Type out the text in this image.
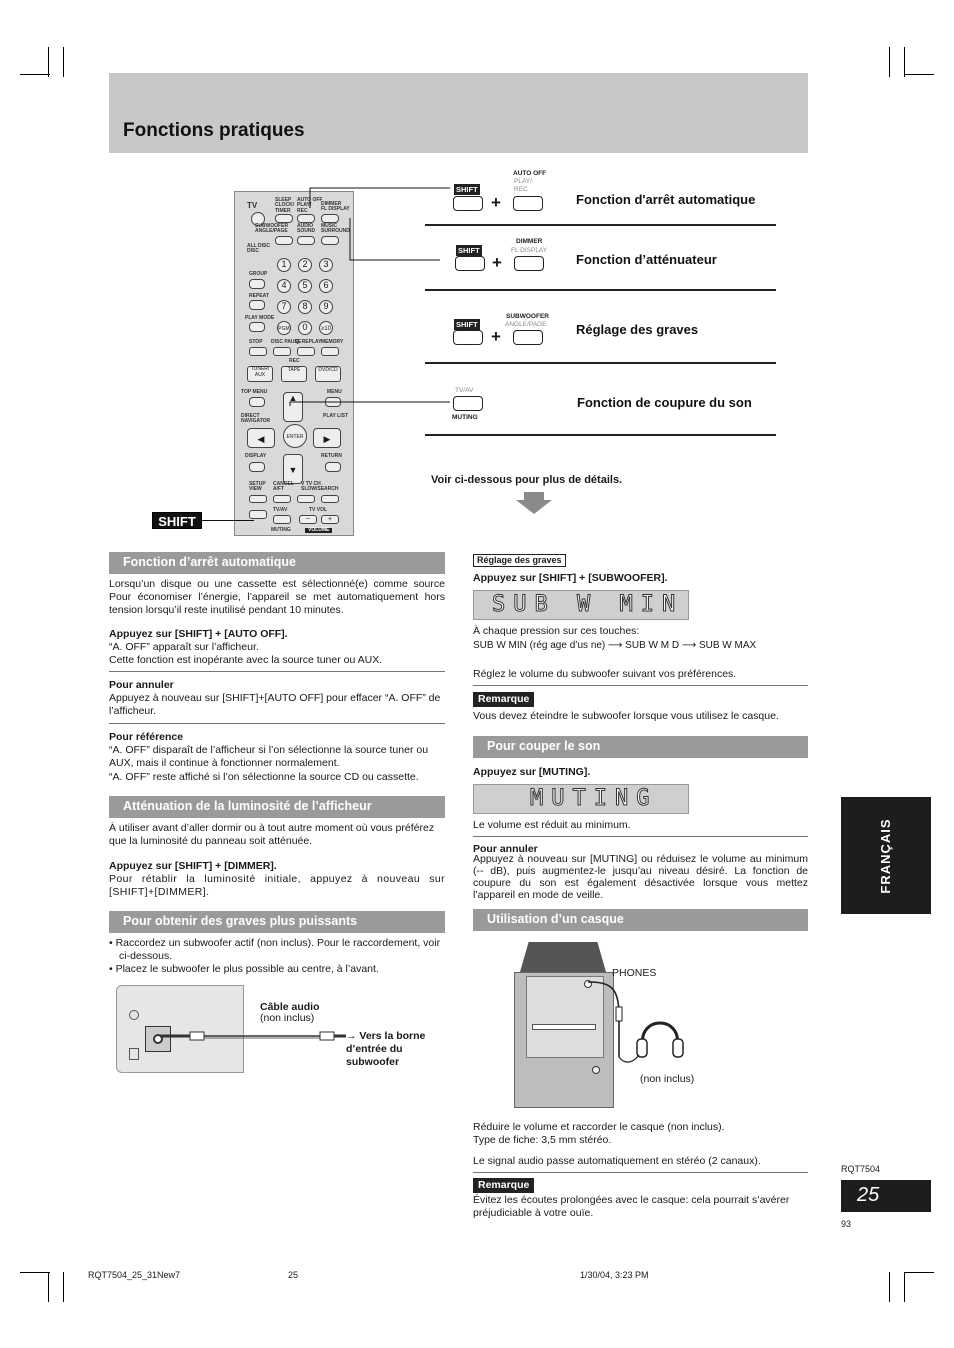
Fonctions pratiques
TV
SLEEP
CLOCK/
TIMER
AUTO OFF
PLAY/
REC
DIMMER
FL DISPLAY
SUBWOOFER
ANGLE/PAGE
AUDIO
SOUND
MUSIC
SURROUND
ALL DISC
DISC
GROUP
REPEAT
PLAY MODE
1	2	3
4	5	6
7	8	9
PGM	0	≥10
STOP DISC PAUSE
Q. REPLAY MEMORY
REC
TUNER/
AUX
TAPE	DVD/CD
TOP MENU	MENU
DIRECT
NAVIGATOR
PLAY LIST
▲
◀	ENTER	▶
▼
DISPLAY	RETURN
SETUP
VIEW
CANCEL
A/FT
V TV CH
SLOW/SEARCH
TV/AV	TV VOL
−	+
MUTING	VOLUME
SHIFT
SHIFT
+
AUTO OFF
PLAY/
REC
Fonction d'arrêt automatique
SHIFT
+
DIMMER
FL DISPLAY
Fonction d’atténuateur
SHIFT
+
SUBWOOFER
ANGLE/PAGE Réglage des graves
TV/AV
MUTING
Fonction de coupure du son
Voir ci-dessous pour plus de détails.
Fonction d’arrêt automatique
Lorsqu’un disque ou une cassette est sélectionné(e) comme source Pour économiser l’énergie, l’appareil se met automatiquement hors tension lorsqu’il reste inutilisé pendant 10 minutes.
Appuyez sur [SHIFT] + [AUTO OFF].
“A. OFF” apparaît sur l’afficheur.
Cette fonction est inopérante avec la source tuner ou AUX.
Pour annuler
Appuyez à nouveau sur [SHIFT]+[AUTO OFF] pour effacer “A. OFF” de l’afficheur.
Pour référence
“A. OFF” disparaît de l’afficheur si l’on sélectionne la source tuner ou AUX, mais il continue à fonctionner normalement.
“A. OFF” reste affiché si l’on sélectionne la source CD ou cassette.
Atténuation de la luminosité de l’afficheur
À utiliser avant d’aller dormir ou à tout autre moment où vous préférez que la luminosité du panneau soit atténuée.
Appuyez sur [SHIFT] + [DIMMER].
Pour rétablir la luminosité initiale, appuyez à nouveau sur [SHIFT]+[DIMMER].
Pour obtenir des graves plus puissants
• Raccordez un subwoofer actif (non inclus). Pour le raccordement, voir ci-dessous.
• Placez le subwoofer le plus possible au centre, à l’avant.
Câble audio
(non inclus)
→ Vers la borne d’entrée du subwoofer
Réglage des graves
Appuyez sur [SHIFT] + [SUBWOOFER].
SUB W MIN
À chaque pression sur ces touches:
SUB W MIN (rég age d’us ne) ⟶ SUB W M D ⟶ SUB W MAX
Réglez le volume du subwoofer suivant vos préférences.
Remarque
Vous devez éteindre le subwoofer lorsque vous utilisez le casque.
Pour couper le son
Appuyez sur [MUTING].
MUTING
Le volume est réduit au minimum.
Pour annuler
Appuyez à nouveau sur [MUTING] ou réduisez le volume au minimum (-- dB), puis augmentez-le jusqu’au niveau désiré. La fonction de coupure du son est également désactivée lorsque vous mettez l’appareil en mode de veille.
Utilisation d’un casque
PHONES
(non inclus)
Réduire le volume et raccorder le casque (non inclus).
Type de fiche: 3,5 mm stéréo.
Le signal audio passe automatiquement en stéréo (2 canaux).
Remarque
Évitez les écoutes prolongées avec le casque: cela pourrait s’avérer préjudiciable à votre ouïe.
FRANÇAIS
RQT7504
25
93
RQT7504_25_31New7	25	1/30/04, 3:23 PM
